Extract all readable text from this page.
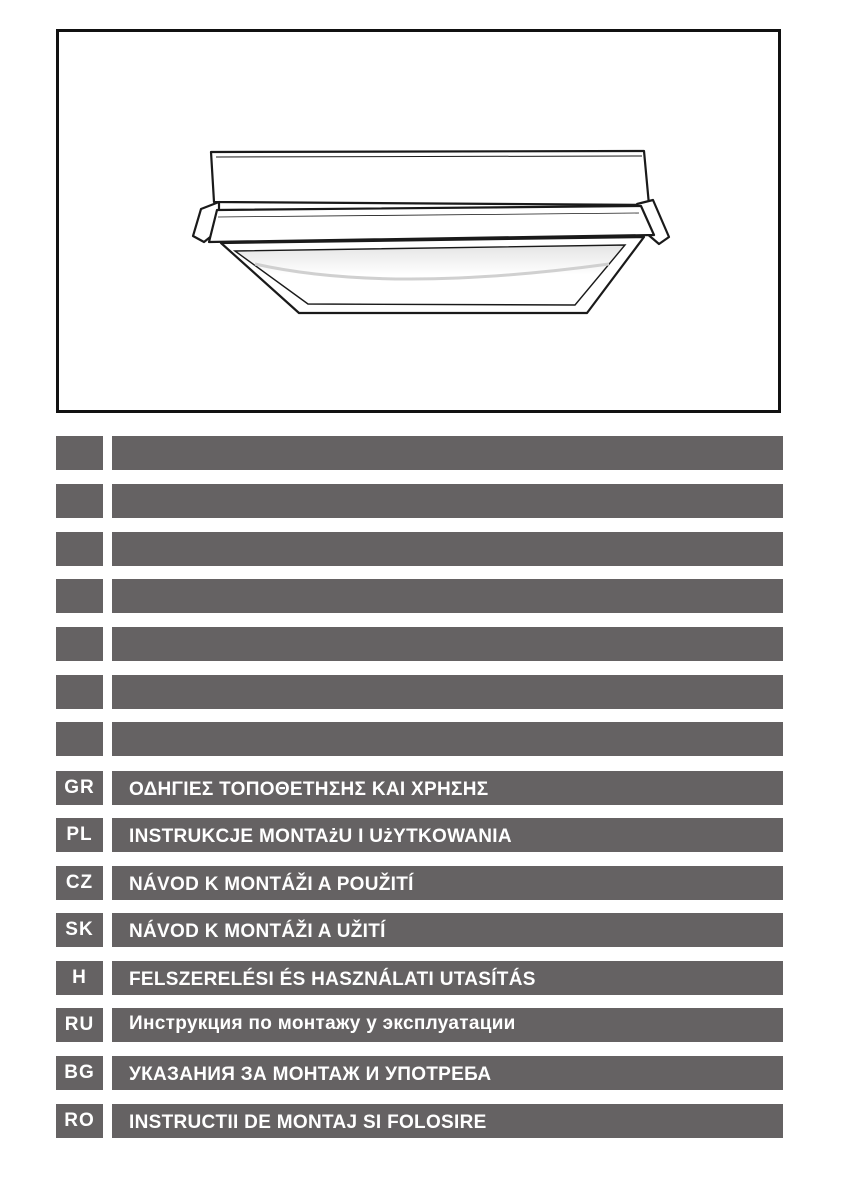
GR	ΟΔΗΓΙΕΣ ΤΟΠΟΘΕΤΗΣΗΣ ΚΑΙ ΧΡΗΣΗΣ
PL	INSTRUKCJE MONTAżU I UżYTKOWANIA
CZ	NÁVOD K MONTÁŽI A POUŽITÍ
SK	NÁVOD K MONTÁŽI A UŽITÍ
H	FELSZERELÉSI ÉS HASZNÁLATI UTASÍTÁS
RU	Инструкция по монтажу у эксплуатации
BG	УКАЗАНИЯ ЗА МОНТАЖ И УПОТРЕБА
RO	INSTRUCTII DE MONTAJ SI FOLOSIRE
